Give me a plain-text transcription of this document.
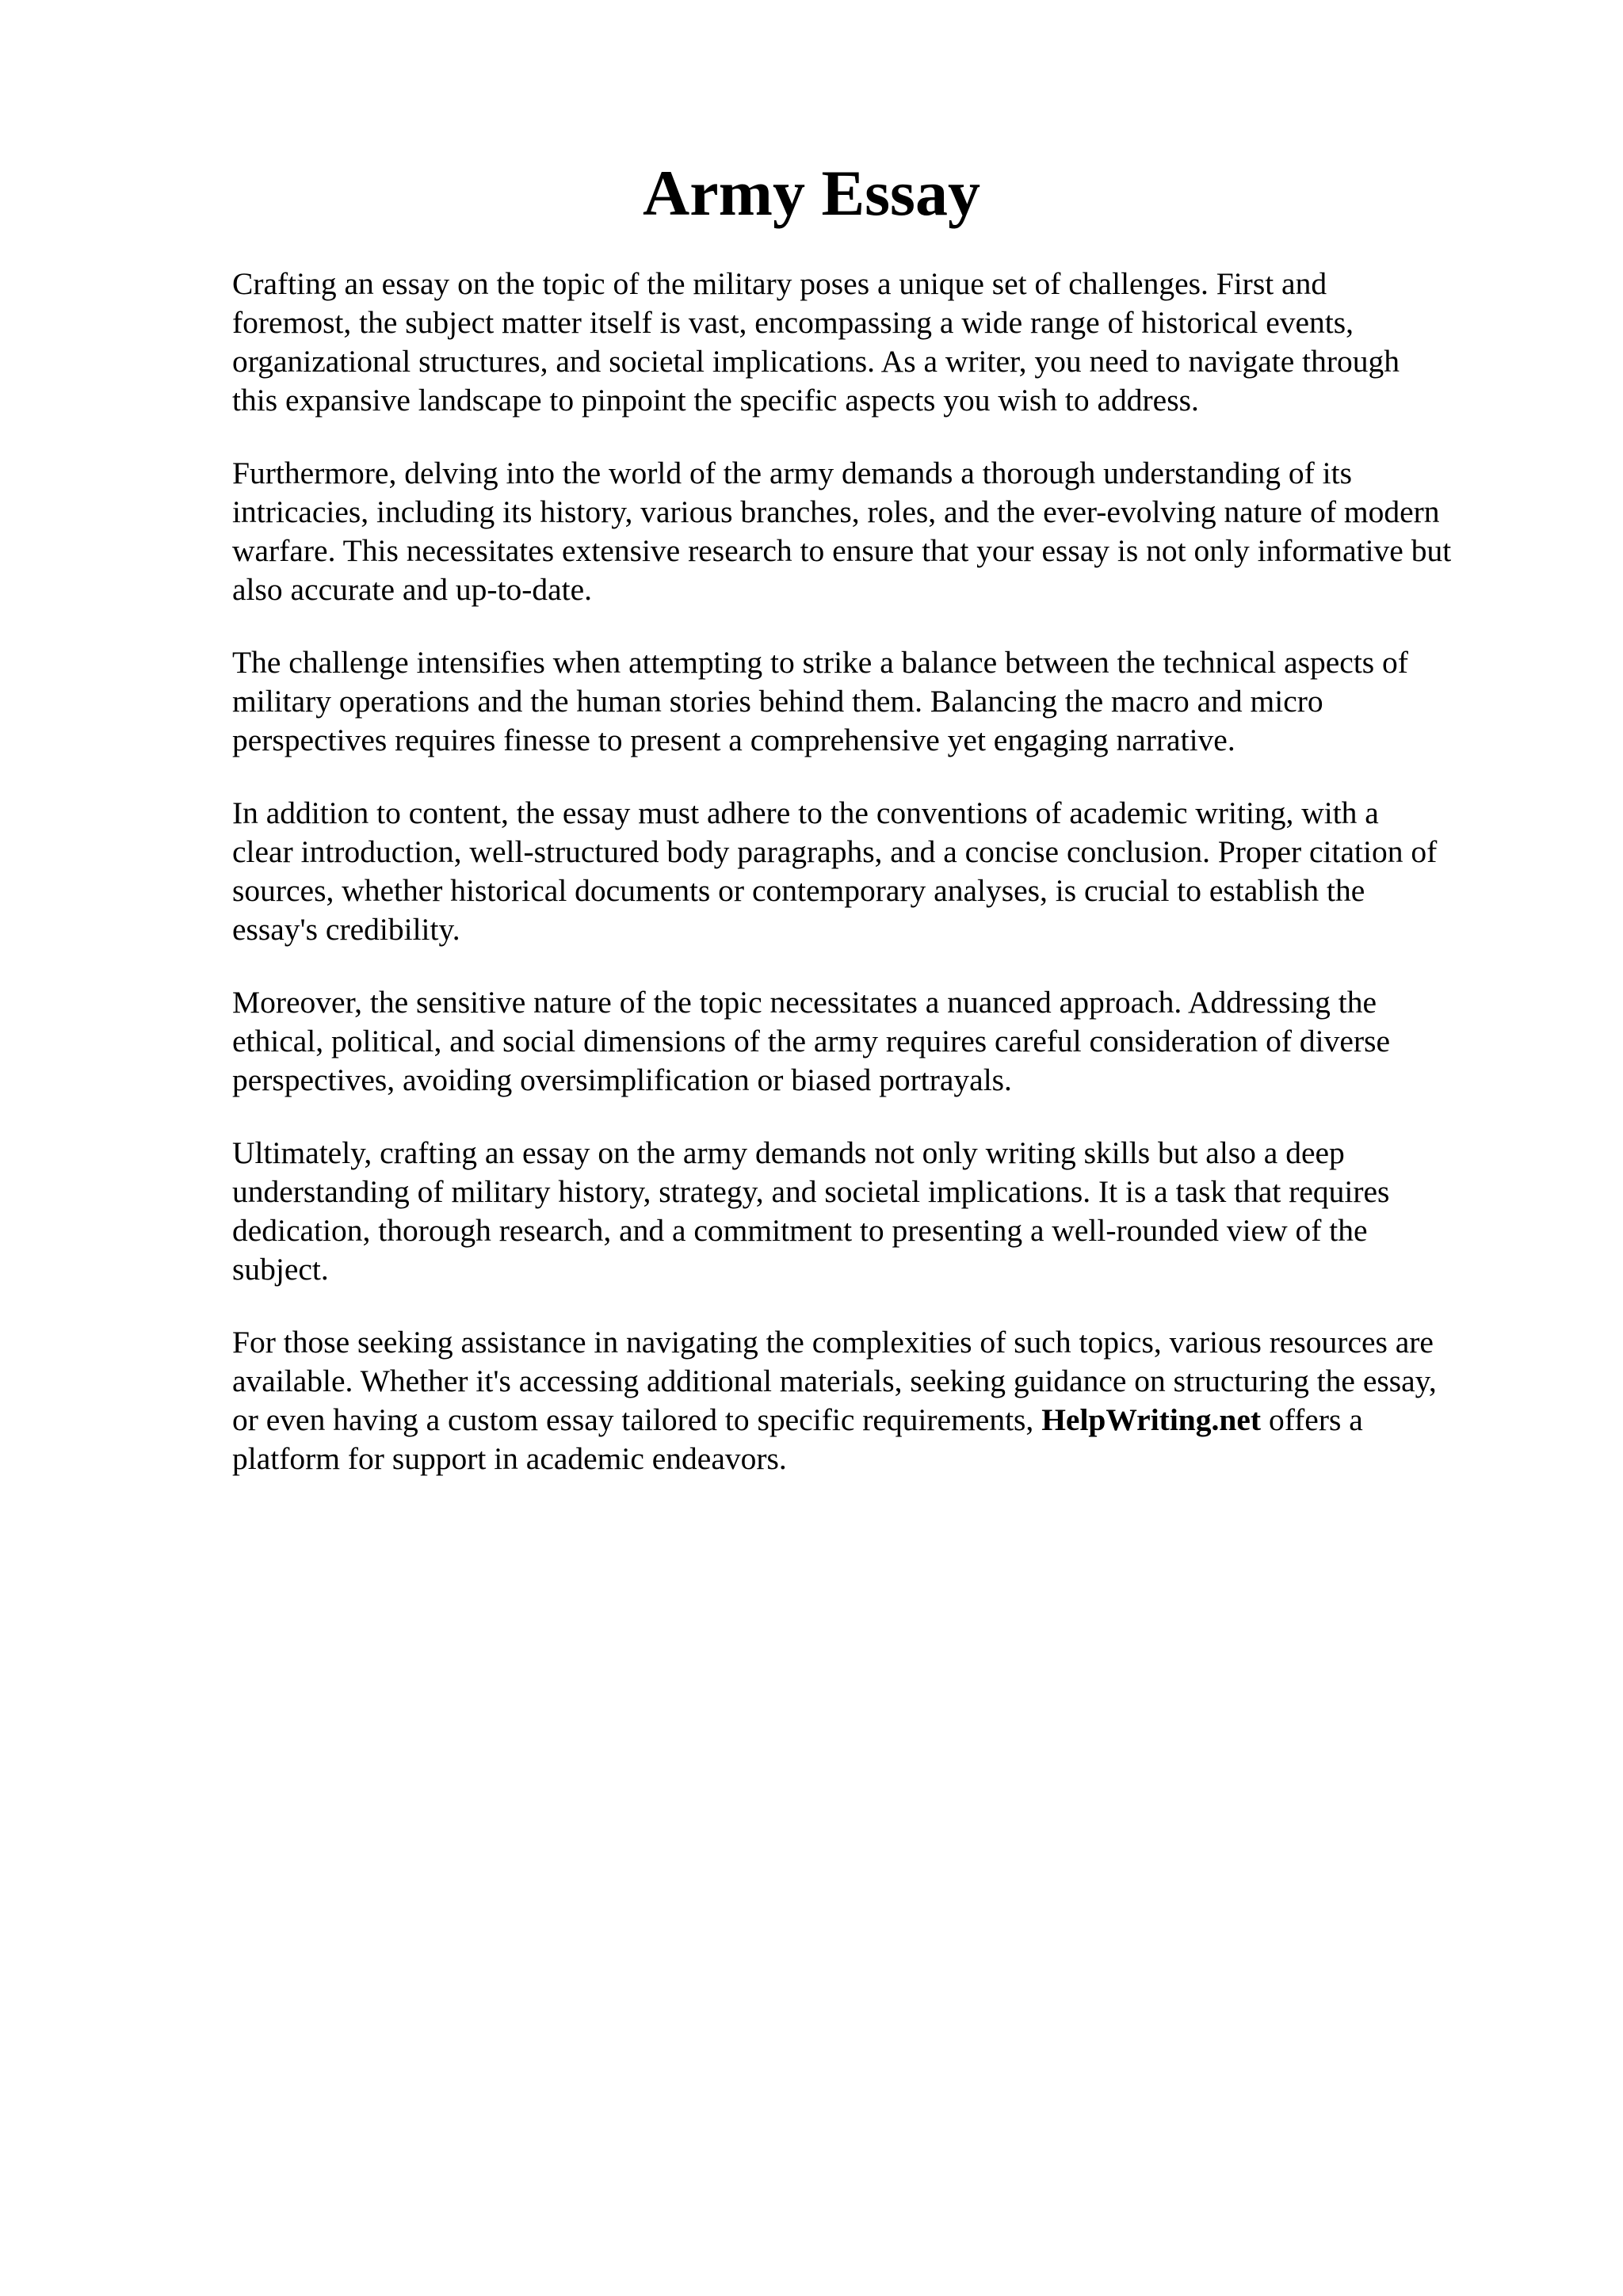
Army Essay

Crafting an essay on the topic of the military poses a unique set of challenges. First and
foremost, the subject matter itself is vast, encompassing a wide range of historical events,
organizational structures, and societal implications. As a writer, you need to navigate through
this expansive landscape to pinpoint the specific aspects you wish to address.

Furthermore, delving into the world of the army demands a thorough understanding of its
intricacies, including its history, various branches, roles, and the ever-evolving nature of modern
warfare. This necessitates extensive research to ensure that your essay is not only informative but
also accurate and up-to-date.

The challenge intensifies when attempting to strike a balance between the technical aspects of
military operations and the human stories behind them. Balancing the macro and micro
perspectives requires finesse to present a comprehensive yet engaging narrative.

In addition to content, the essay must adhere to the conventions of academic writing, with a
clear introduction, well-structured body paragraphs, and a concise conclusion. Proper citation of
sources, whether historical documents or contemporary analyses, is crucial to establish the
essay's credibility.

Moreover, the sensitive nature of the topic necessitates a nuanced approach. Addressing the
ethical, political, and social dimensions of the army requires careful consideration of diverse
perspectives, avoiding oversimplification or biased portrayals.

Ultimately, crafting an essay on the army demands not only writing skills but also a deep
understanding of military history, strategy, and societal implications. It is a task that requires
dedication, thorough research, and a commitment to presenting a well-rounded view of the
subject.

For those seeking assistance in navigating the complexities of such topics, various resources are
available. Whether it's accessing additional materials, seeking guidance on structuring the essay,
or even having a custom essay tailored to specific requirements, HelpWriting.net offers a
platform for support in academic endeavors.
